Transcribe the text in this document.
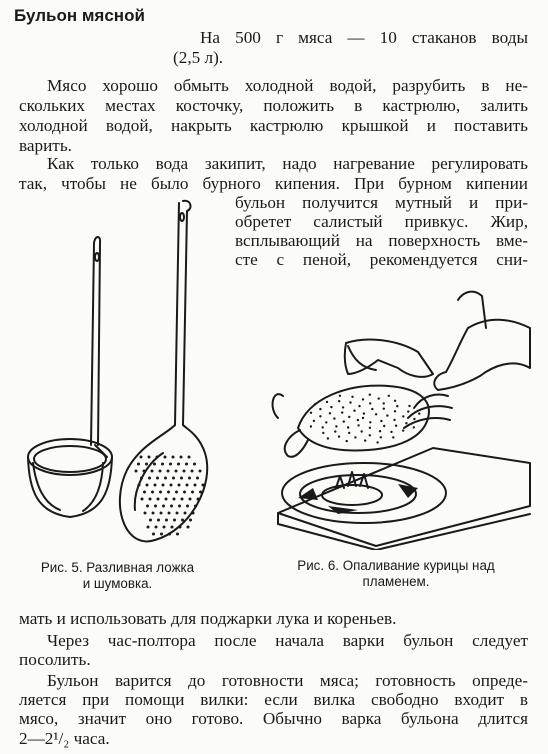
Бульон мясной
На 500 г мяса — 10 стаканов воды
(2,5 л).
Мясо хорошо обмыть холодной водой, разрубить в не-
скольких местах косточку, положить в кастрюлю, залить
холодной водой, накрыть кастрюлю крышкой и поставить
варить.
Как только вода закипит, надо нагревание регулировать
так, чтобы не было бурного кипения. При бурном кипении
бульон получится мутный и при-
обретет салистый привкус. Жир,
всплывающий на поверхность вме-
сте с пеной, рекомендуется сни-
Рис. 5. Разливная ложка
и шумовка.
Рис. 6. Опаливание курицы над
пламенем.
мать и использовать для поджарки лука и кореньев.
Через час-полтора после начала варки бульон следует
посолить.
Бульон варится до готовности мяса; готовность опреде-
ляется при помощи вилки: если вилка свободно входит в
мясо, значит оно готово. Обычно варка бульона длится
2—2¹/₂ часа.
